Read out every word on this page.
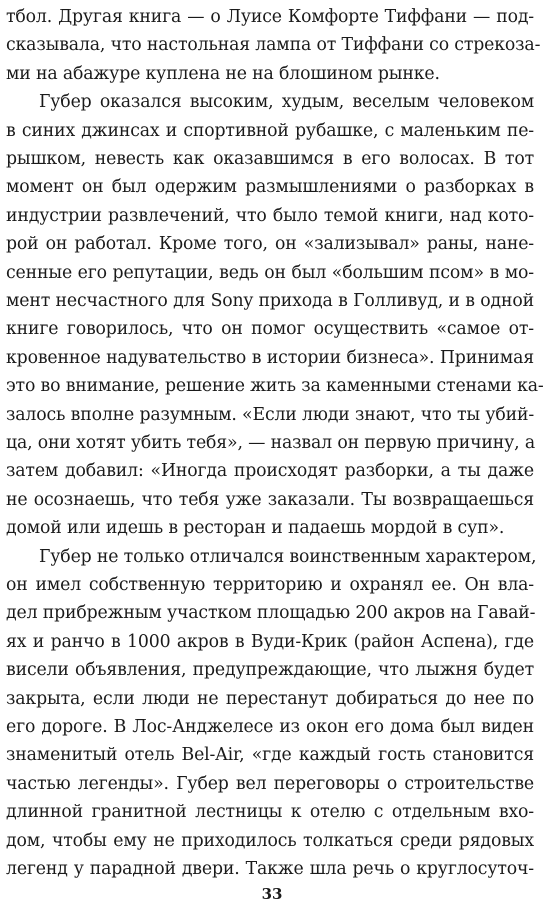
тбол. Другая книга — о Луисе Комфорте Тиффани — под-
сказывала, что настольная лампа от Тиффани со стрекоза-
ми на абажуре куплена не на блошином рынке.
Губер оказался высоким, худым, веселым человеком
в синих джинсах и спортивной рубашке, с маленьким пе-
рышком, невесть как оказавшимся в его волосах. В тот
момент он был одержим размышлениями о разборках в
индустрии развлечений, что было темой книги, над кото-
рой он работал. Кроме того, он «зализывал» раны, нане-
сенные его репутации, ведь он был «большим псом» в мо-
мент несчастного для Sony прихода в Голливуд, и в одной
книге говорилось, что он помог осуществить «самое от-
кровенное надувательство в истории бизнеса». Принимая
это во внимание, решение жить за каменными стенами ка-
залось вполне разумным. «Если люди знают, что ты убий-
ца, они хотят убить тебя», — назвал он первую причину, а
затем добавил: «Иногда происходят разборки, а ты даже
не осознаешь, что тебя уже заказали. Ты возвращаешься
домой или идешь в ресторан и падаешь мордой в суп».
Губер не только отличался воинственным характером,
он имел собственную территорию и охранял ее. Он вла-
дел прибрежным участком площадью 200 акров на Гавай-
ях и ранчо в 1000 акров в Вуди-Крик (район Аспена), где
висели объявления, предупреждающие, что лыжня будет
закрыта, если люди не перестанут добираться до нее по
его дороге. В Лос-Анджелесе из окон его дома был виден
знаменитый отель Bel-Air, «где каждый гость становится
частью легенды». Губер вел переговоры о строительстве
длинной гранитной лестницы к отелю с отдельным вхо-
дом, чтобы ему не приходилось толкаться среди рядовых
легенд у парадной двери. Также шла речь о круглосуточ-
33
